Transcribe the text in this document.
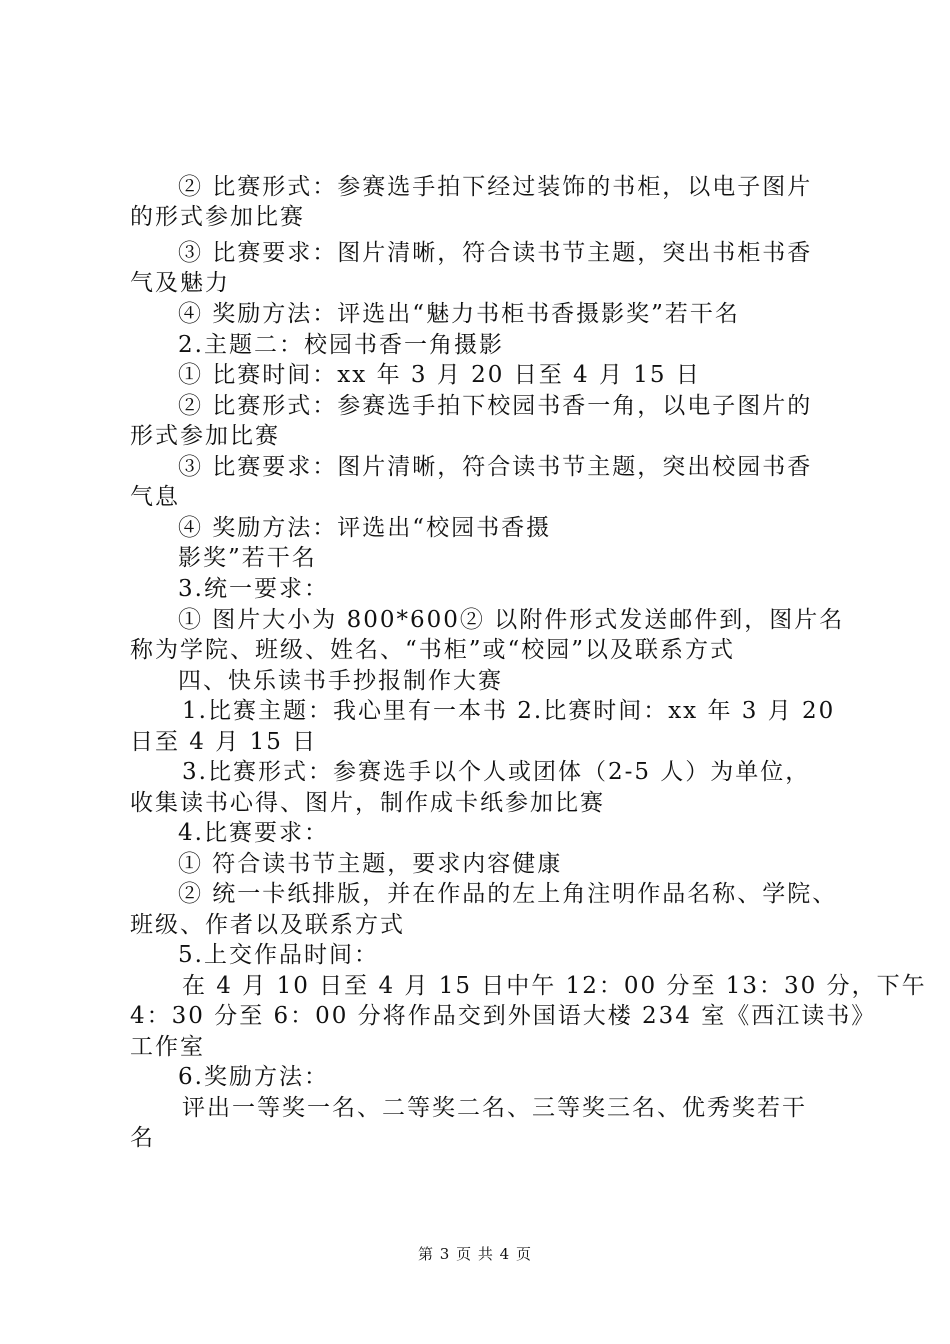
② 比赛形式：参赛选手拍下经过装饰的书柜，以电子图片
的形式参加比赛
③ 比赛要求：图片清晰，符合读书节主题，突出书柜书香
气及魅力
④ 奖励方法：评选出“魅力书柜书香摄影奖”若干名
2.主题二：校园书香一角摄影
① 比赛时间：xx 年 3 月 20 日至 4 月 15 日
② 比赛形式：参赛选手拍下校园书香一角，以电子图片的
形式参加比赛
③ 比赛要求：图片清晰，符合读书节主题，突出校园书香
气息
④ 奖励方法：评选出“校园书香摄
影奖”若干名
3.统一要求：
① 图片大小为 800*600② 以附件形式发送邮件到，图片名
称为学院、班级、姓名、“书柜”或“校园”以及联系方式
四、快乐读书手抄报制作大赛
1.比赛主题：我心里有一本书 2.比赛时间：xx 年 3 月 20
日至 4 月 15 日
3.比赛形式：参赛选手以个人或团体（2-5 人）为单位，
收集读书心得、图片，制作成卡纸参加比赛
4.比赛要求：
① 符合读书节主题，要求内容健康
② 统一卡纸排版，并在作品的左上角注明作品名称、学院、
班级、作者以及联系方式
5.上交作品时间：
在 4 月 10 日至 4 月 15 日中午 12：00 分至 13：30 分，下午
4：30 分至 6：00 分将作品交到外国语大楼 234 室《西江读书》
工作室
6.奖励方法：
评出一等奖一名、二等奖二名、三等奖三名、优秀奖若干
名
第 3 页 共 4 页
